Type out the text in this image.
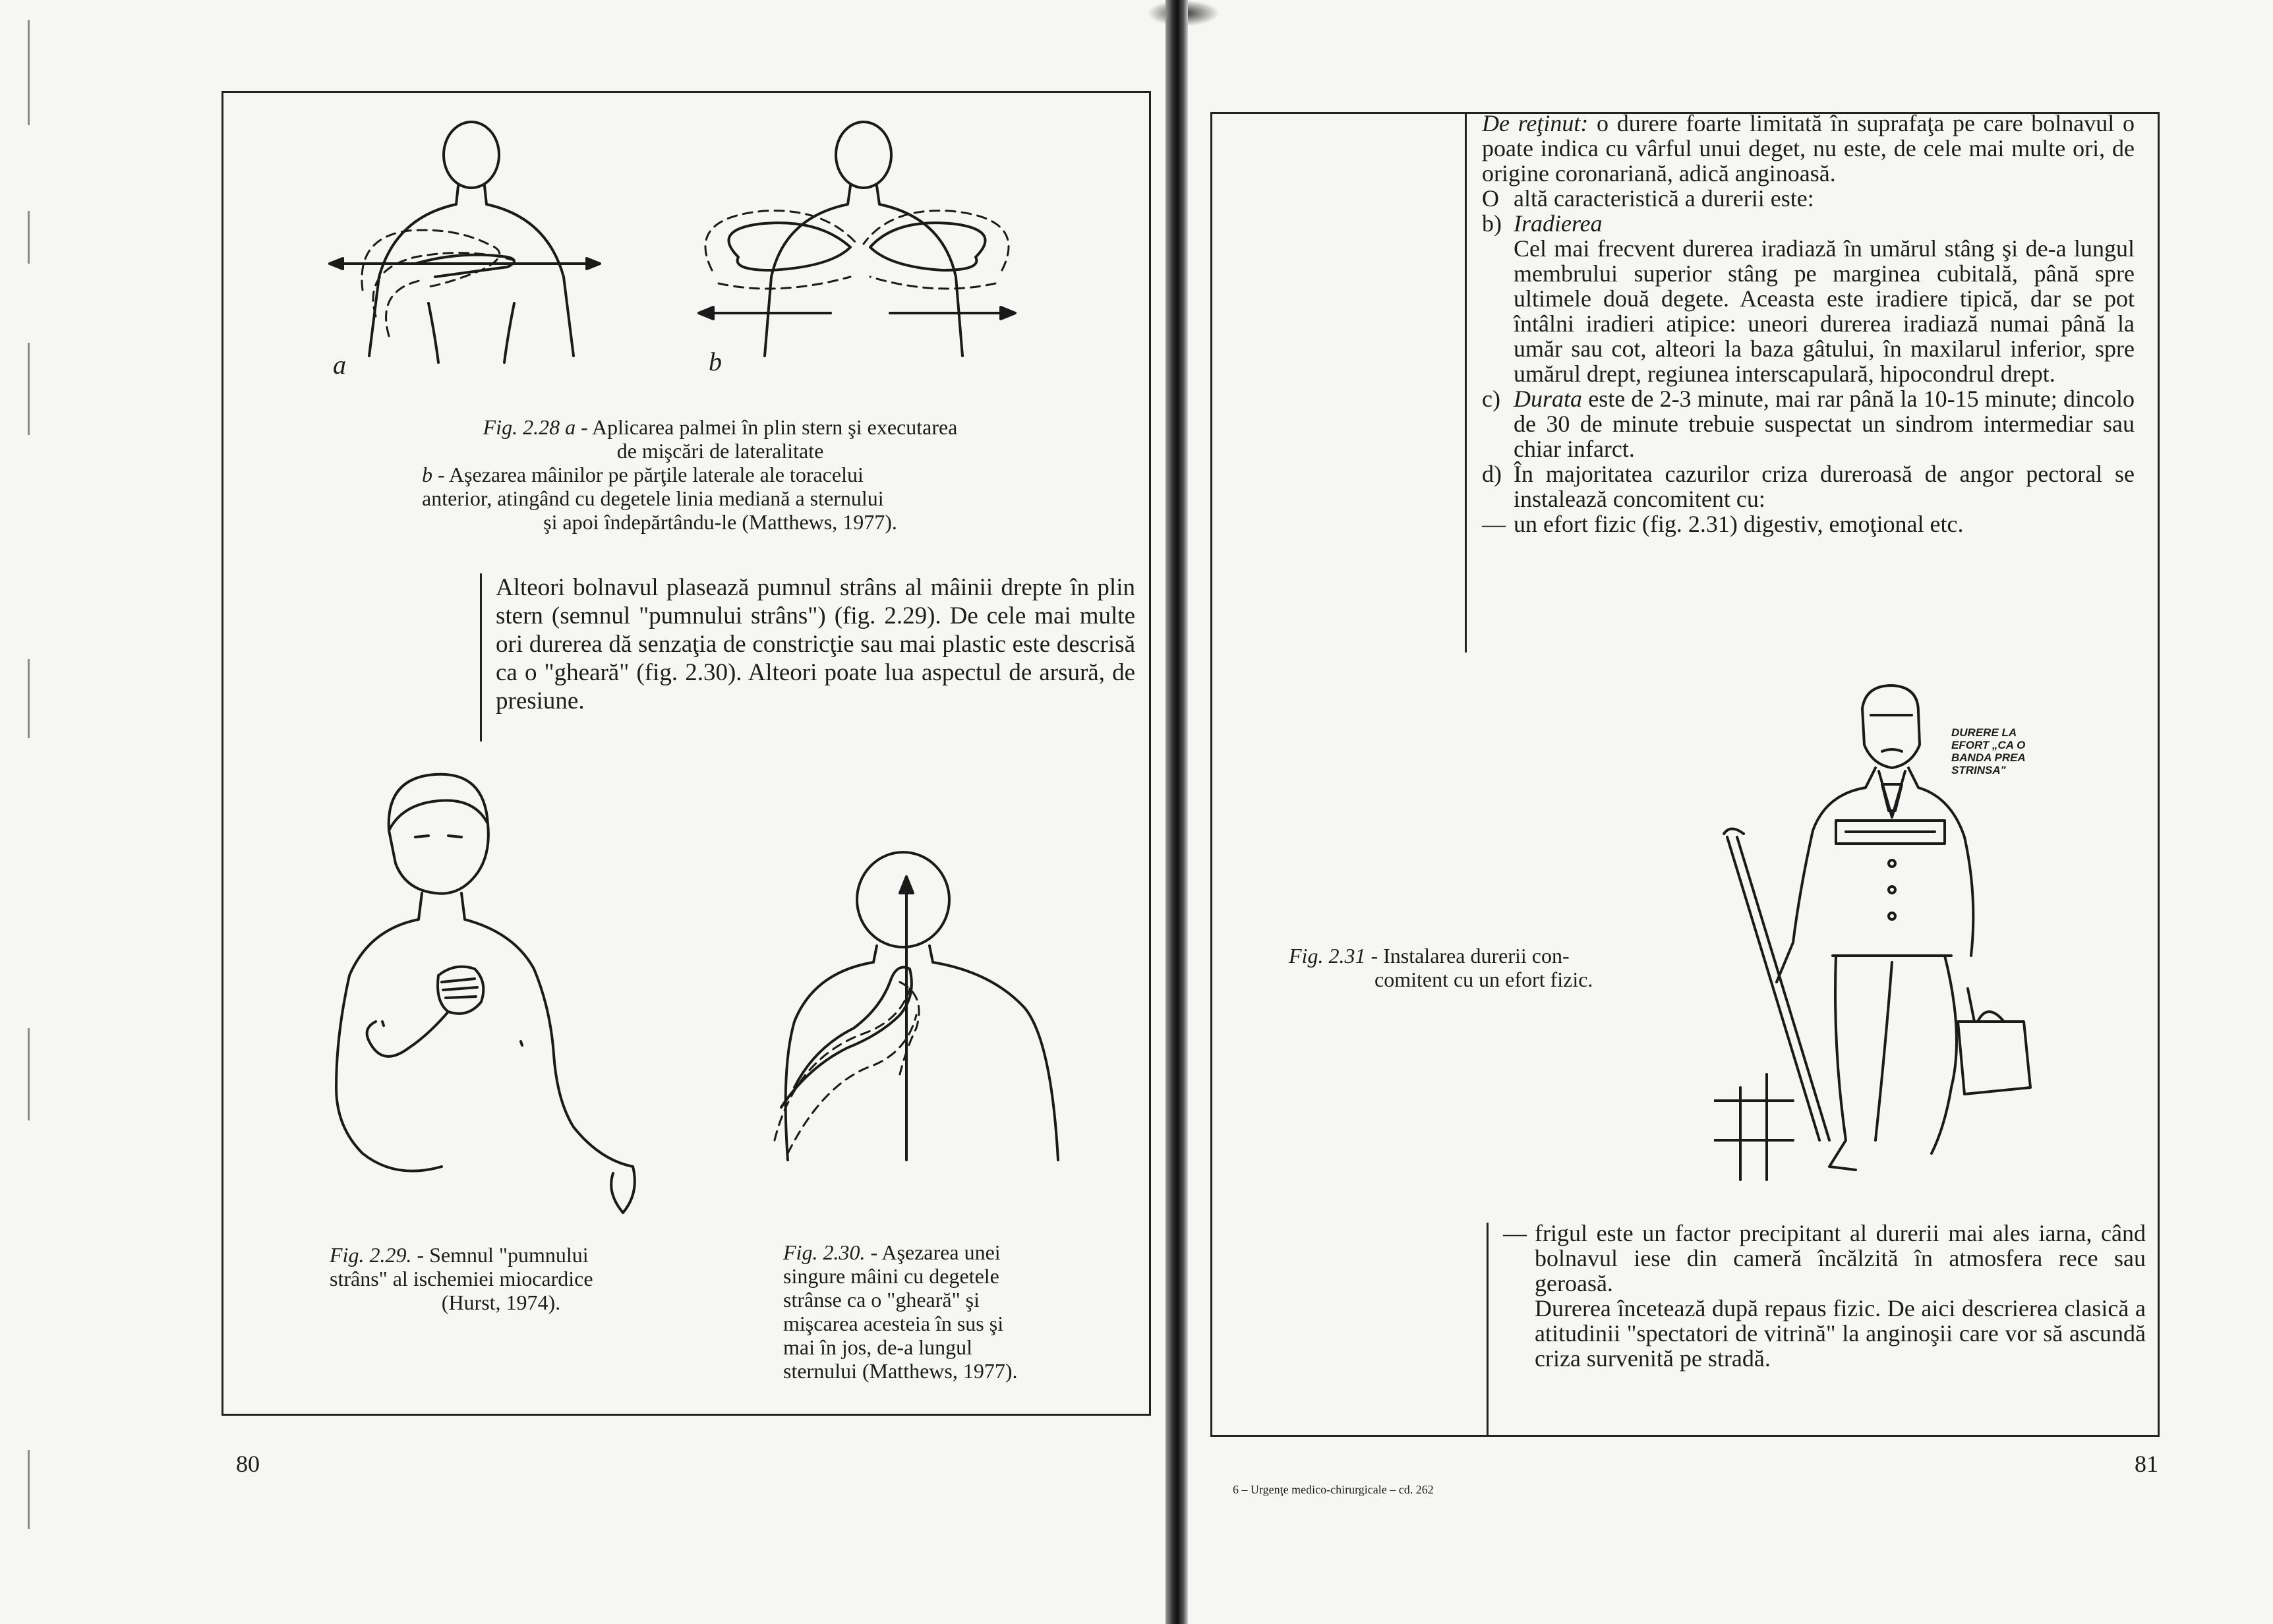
a	b

Fig. 2.28 a - Aplicarea palmei în plin stern şi executarea

de mişcări de lateralitate

b - Aşezarea mâinilor pe părţile laterale ale toracelui

anterior, atingând cu degetele linia mediană a sternului

şi apoi îndepărtându-le (Matthews, 1977).

Alteori bolnavul plasează pumnul strâns al mâinii drepte în plin stern (semnul "pumnului strâns") (fig. 2.29). De cele mai multe ori durerea dă senzaţia de constricţie sau mai plastic este descrisă ca o "gheară" (fig. 2.30). Alteori poate lua aspectul de arsură, de presiune.

Fig. 2.29. - Semnul "pumnului

strâns" al ischemiei miocardice

(Hurst, 1974).

Fig. 2.30. - Aşezarea unei

singure mâini cu degetele

strânse ca o "gheară" şi

mişcarea acesteia în sus şi

mai în jos, de-a lungul

sternului (Matthews, 1977).

80

De reţinut: o durere foarte limitată în suprafaţa pe care bolnavul o poate indica cu vârful unui deget, nu este, de cele mai multe ori, de origine coronariană, adică anginoasă.

O altă caracteristică a durerii este:
b) Iradierea

Cel mai frecvent durerea iradiază în umărul stâng şi de-a lungul membrului superior stâng pe marginea cubitală, până spre ultimele două degete. Aceasta este iradiere tipică, dar se pot întâlni iradieri atipice: uneori durerea iradiază numai până la umăr sau cot, alteori la baza gâtului, în maxilarul inferior, spre umărul drept, regiunea interscapulară, hipocondrul drept.

c) Durata este de 2-3 minute, mai rar până la 10-15 minute; dincolo de 30 de minute trebuie suspectat un sindrom intermediar sau chiar infarct.
d) În majoritatea cazurilor criza dureroasă de angor pectoral se instalează concomitent cu:
— un efort fizic (fig. 2.31) digestiv, emoţional etc.

DURERE LA

EFORT „CA O

BANDA PREA

STRINSA"

Fig. 2.31 - Instalarea durerii con-

comitent cu un efort fizic.

— frigul este un factor precipitant al durerii mai ales iarna, când bolnavul iese din cameră încălzită în atmosfera rece sau geroasă.

Durerea încetează după repaus fizic. De aici descrierea clasică a atitudinii "spectatori de vitrină" la anginoşii care vor să ascundă criza survenită pe stradă.

81
6 – Urgenţe medico-chirurgicale – cd. 262
